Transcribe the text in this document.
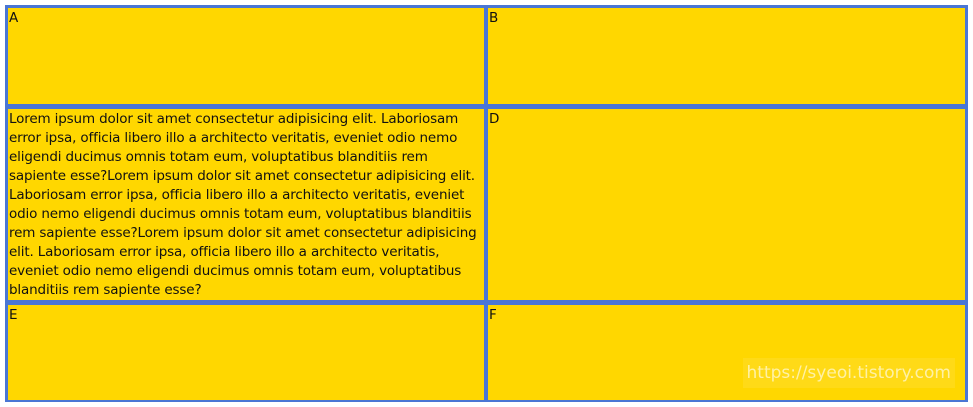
A	B
Lorem ipsum dolor sit amet consectetur adipisicing elit. Laboriosam error ipsa, officia libero illo a architecto veritatis, eveniet odio nemo eligendi ducimus omnis totam eum, voluptatibus blanditiis rem sapiente esse?Lorem ipsum dolor sit amet consectetur adipisicing elit. Laboriosam error ipsa, officia libero illo a architecto veritatis, eveniet odio nemo eligendi ducimus omnis totam eum, voluptatibus blanditiis rem sapiente esse?Lorem ipsum dolor sit amet consectetur adipisicing elit. Laboriosam error ipsa, officia libero illo a architecto veritatis, eveniet odio nemo eligendi ducimus omnis totam eum, voluptatibus blanditiis rem sapiente esse?
D
E	F
https://syeoi.tistory.com
